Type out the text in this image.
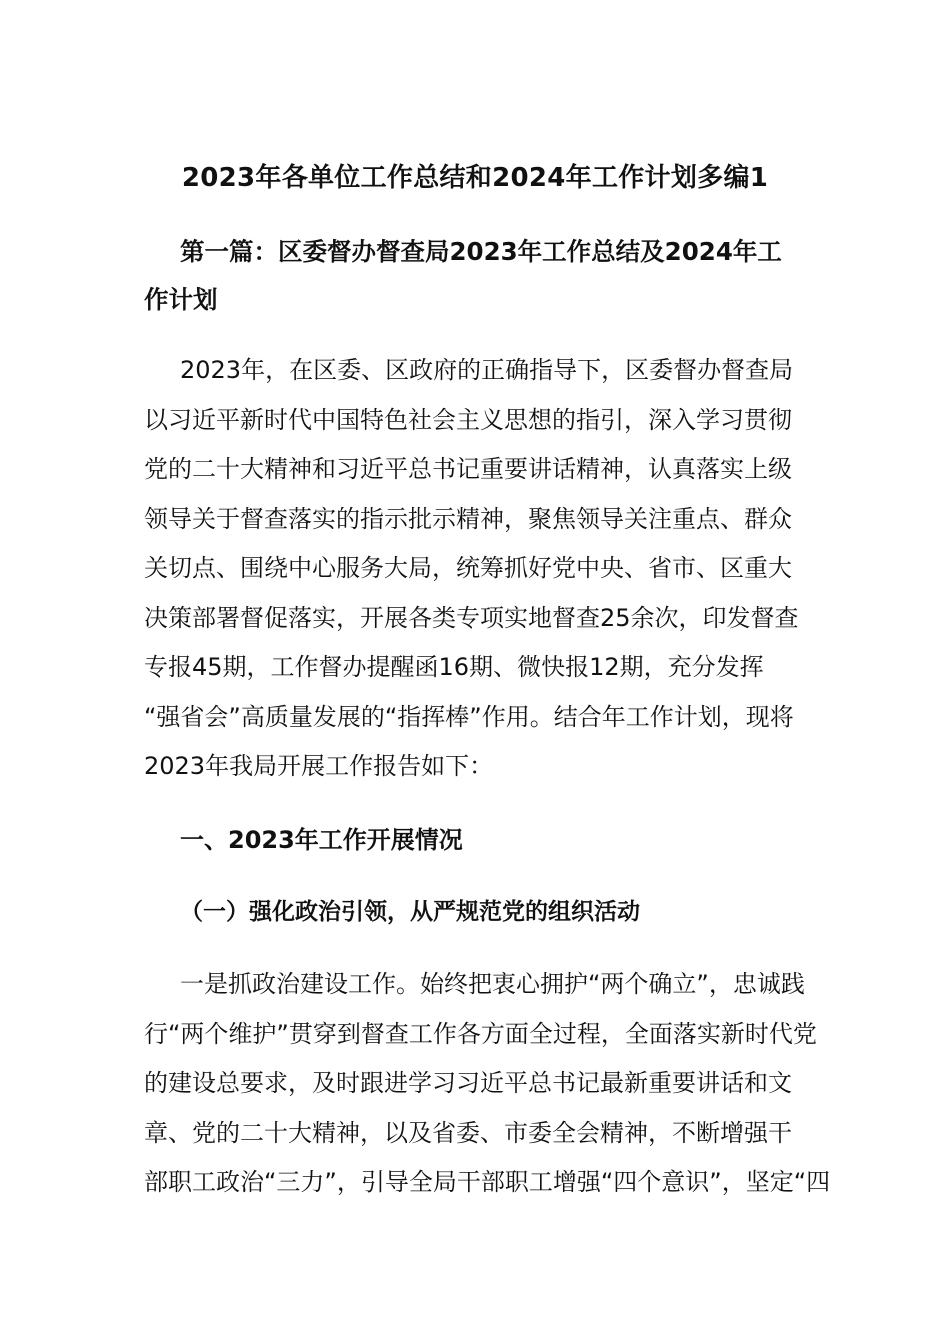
2023年各单位工作总结和2024年工作计划多编1
第一篇：区委督办督查局2023年工作总结及2024年工作计划
2023年，在区委、区政府的正确指导下，区委督办督查局
以习近平新时代中国特色社会主义思想的指引，深入学习贯彻
党的二十大精神和习近平总书记重要讲话精神，认真落实上级
领导关于督查落实的指示批示精神，聚焦领导关注重点、群众
关切点、围绕中心服务大局，统筹抓好党中央、省市、区重大
决策部署督促落实，开展各类专项实地督查25余次，印发督查
专报45期，工作督办提醒函16期、微快报12期，充分发挥
“强省会”高质量发展的“指挥棒”作用。结合年工作计划，现将
2023年我局开展工作报告如下：
一、2023年工作开展情况
（一）强化政治引领，从严规范党的组织活动
一是抓政治建设工作。始终把衷心拥护“两个确立”，忠诚践
行“两个维护”贯穿到督查工作各方面全过程，全面落实新时代党
的建设总要求，及时跟进学习习近平总书记最新重要讲话和文
章、党的二十大精神，以及省委、市委全会精神，不断增强干
部职工政治“三力”，引导全局干部职工增强“四个意识”，坚定“四
